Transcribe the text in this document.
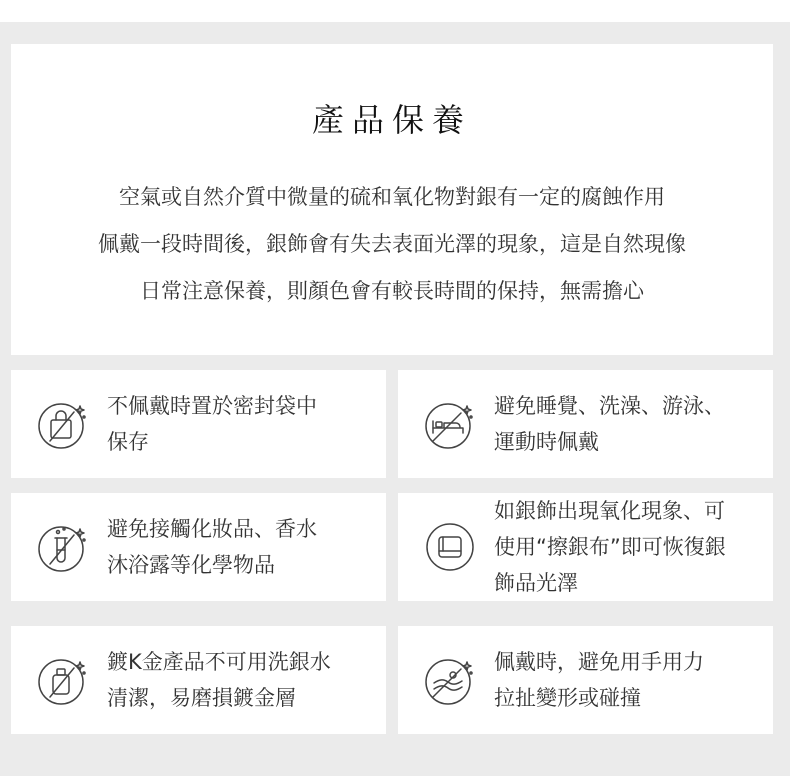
產品保養
空氣或自然介質中微量的硫和氧化物對銀有一定的腐蝕作用
佩戴一段時間後，銀飾會有失去表面光澤的現象，這是自然現像
日常注意保養，則顏色會有較長時間的保持，無需擔心
不佩戴時置於密封袋中
保存
避免睡覺、洗澡、游泳、
運動時佩戴
避免接觸化妝品、香水
沐浴露等化學物品
如銀飾出現氧化現象、可
使用“擦銀布”即可恢復銀
飾品光澤
鍍K金產品不可用洗銀水
清潔，易磨損鍍金層
佩戴時，避免用手用力
拉扯變形或碰撞
